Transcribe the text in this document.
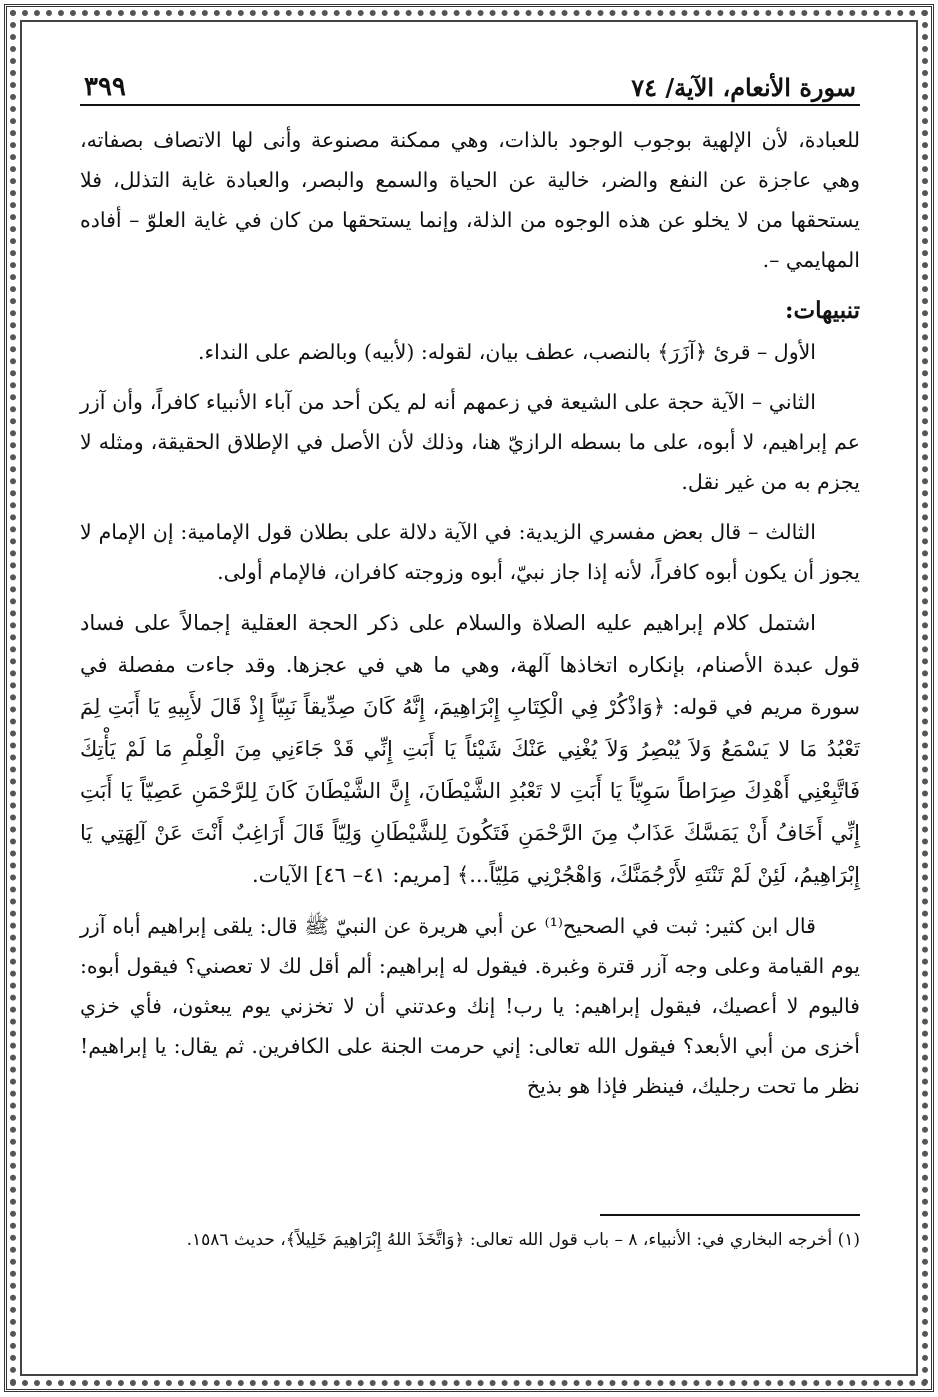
سورة الأنعام، الآية/ ٧٤
٣٩٩

للعبادة، لأن الإلهية بوجوب الوجود بالذات، وهي ممكنة مصنوعة وأنى لها الاتصاف بصفاته، وهي عاجزة عن النفع والضر، خالية عن الحياة والسمع والبصر، والعبادة غاية التذلل، فلا يستحقها من لا يخلو عن هذه الوجوه من الذلة، وإنما يستحقها من كان في غاية العلوّ – أفاده المهايمي –.

تنبيهات:

الأول – قرئ ﴿آزَرَ﴾ بالنصب، عطف بيان، لقوله: (لأبيه) وبالضم على النداء.

الثاني – الآية حجة على الشيعة في زعمهم أنه لم يكن أحد من آباء الأنبياء كافراً، وأن آزر عم إبراهيم، لا أبوه، على ما بسطه الرازيّ هنا، وذلك لأن الأصل في الإطلاق الحقيقة، ومثله لا يجزم به من غير نقل.

الثالث – قال بعض مفسري الزيدية: في الآية دلالة على بطلان قول الإمامية: إن الإمام لا يجوز أن يكون أبوه كافراً، لأنه إذا جاز نبيّ، أبوه وزوجته كافران، فالإمام أولى.

اشتمل كلام إبراهيم عليه الصلاة والسلام على ذكر الحجة العقلية إجمالاً على فساد قول عبدة الأصنام، بإنكاره اتخاذها آلهة، وهي ما هي في عجزها. وقد جاءت مفصلة في سورة مريم في قوله: ﴿وَاذْكُرْ فِي الْكِتَابِ إِبْرَاهِيمَ، إِنَّهُ كَانَ صِدِّيقاً نَبِيّاً إِذْ قَالَ لأَبِيهِ يَا أَبَتِ لِمَ تَعْبُدُ مَا لا يَسْمَعُ وَلاَ يُبْصِرُ وَلاَ يُغْنِي عَنْكَ شَيْئاً يَا أَبَتِ إِنِّي قَدْ جَاءَنِي مِنَ الْعِلْمِ مَا لَمْ يَأْتِكَ فَاتَّبِعْنِي أَهْدِكَ صِرَاطاً سَوِيّاً يَا أَبَتِ لا تَعْبُدِ الشَّيْطَانَ، إِنَّ الشَّيْطَانَ كَانَ لِلرَّحْمَنِ عَصِيّاً يَا أَبَتِ إِنِّي أَخَافُ أَنْ يَمَسَّكَ عَذَابٌ مِنَ الرَّحْمَنِ فَتَكُونَ لِلشَّيْطَانِ وَلِيّاً قَالَ أَرَاغِبٌ أَنْتَ عَنْ آلِهَتِي يَا إِبْرَاهِيمُ، لَئِنْ لَمْ تَنْتَهِ لأَرْجُمَنَّكَ، وَاهْجُرْنِي مَلِيّاً...﴾ [مريم: ٤١– ٤٦] الآيات.

قال ابن كثير: ثبت في الصحيح⁽¹⁾ عن أبي هريرة عن النبيّ ﷺ قال: يلقى إبراهيم أباه آزر يوم القيامة وعلى وجه آزر قترة وغبرة. فيقول له إبراهيم: ألم أقل لك لا تعصني؟ فيقول أبوه: فاليوم لا أعصيك، فيقول إبراهيم: يا رب! إنك وعدتني أن لا تخزني يوم يبعثون، فأي خزي أخزى من أبي الأبعد؟ فيقول الله تعالى: إني حرمت الجنة على الكافرين. ثم يقال: يا إبراهيم! نظر ما تحت رجليك، فينظر فإذا هو بذيخ

(١) أخرجه البخاري في: الأنبياء، ٨ – باب قول الله تعالى: ﴿وَاتَّخَذَ اللهُ إِبْرَاهِيمَ خَلِيلاً﴾، حديث ١٥٨٦.
